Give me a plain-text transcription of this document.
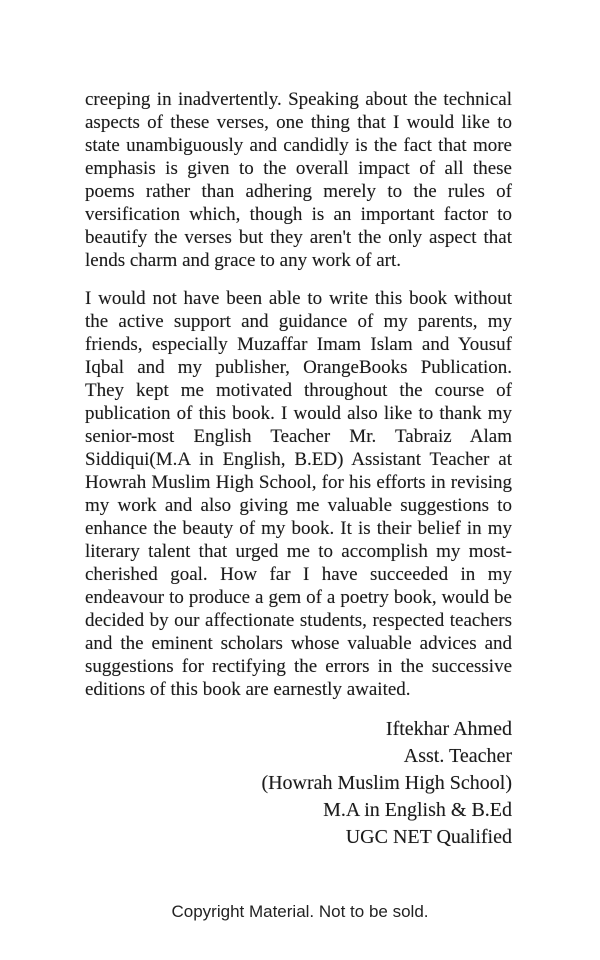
creeping in inadvertently. Speaking about the technical aspects of these verses, one thing that I would like to state unambiguously and candidly is the fact that more emphasis is given to the overall impact of all these poems rather than adhering merely to the rules of versification which, though is an important factor to beautify the verses but they aren't the only aspect that lends charm and grace to any work of art.

I would not have been able to write this book without the active support and guidance of my parents, my friends, especially Muzaffar Imam Islam and Yousuf Iqbal and my publisher, OrangeBooks Publication. They kept me motivated throughout the course of publication of this book. I would also like to thank my senior-most English Teacher Mr. Tabraiz Alam Siddiqui(M.A in English, B.ED) Assistant Teacher at Howrah Muslim High School, for his efforts in revising my work and also giving me valuable suggestions to enhance the beauty of my book. It is their belief in my literary talent that urged me to accomplish my most-cherished goal. How far I have succeeded in my endeavour to produce a gem of a poetry book, would be decided by our affectionate students, respected teachers and the eminent scholars whose valuable advices and suggestions for rectifying the errors in the successive editions of this book are earnestly awaited.

Iftekhar Ahmed
Asst. Teacher
(Howrah Muslim High School)
M.A in English & B.Ed
UGC NET Qualified
Copyright Material. Not to be sold.
